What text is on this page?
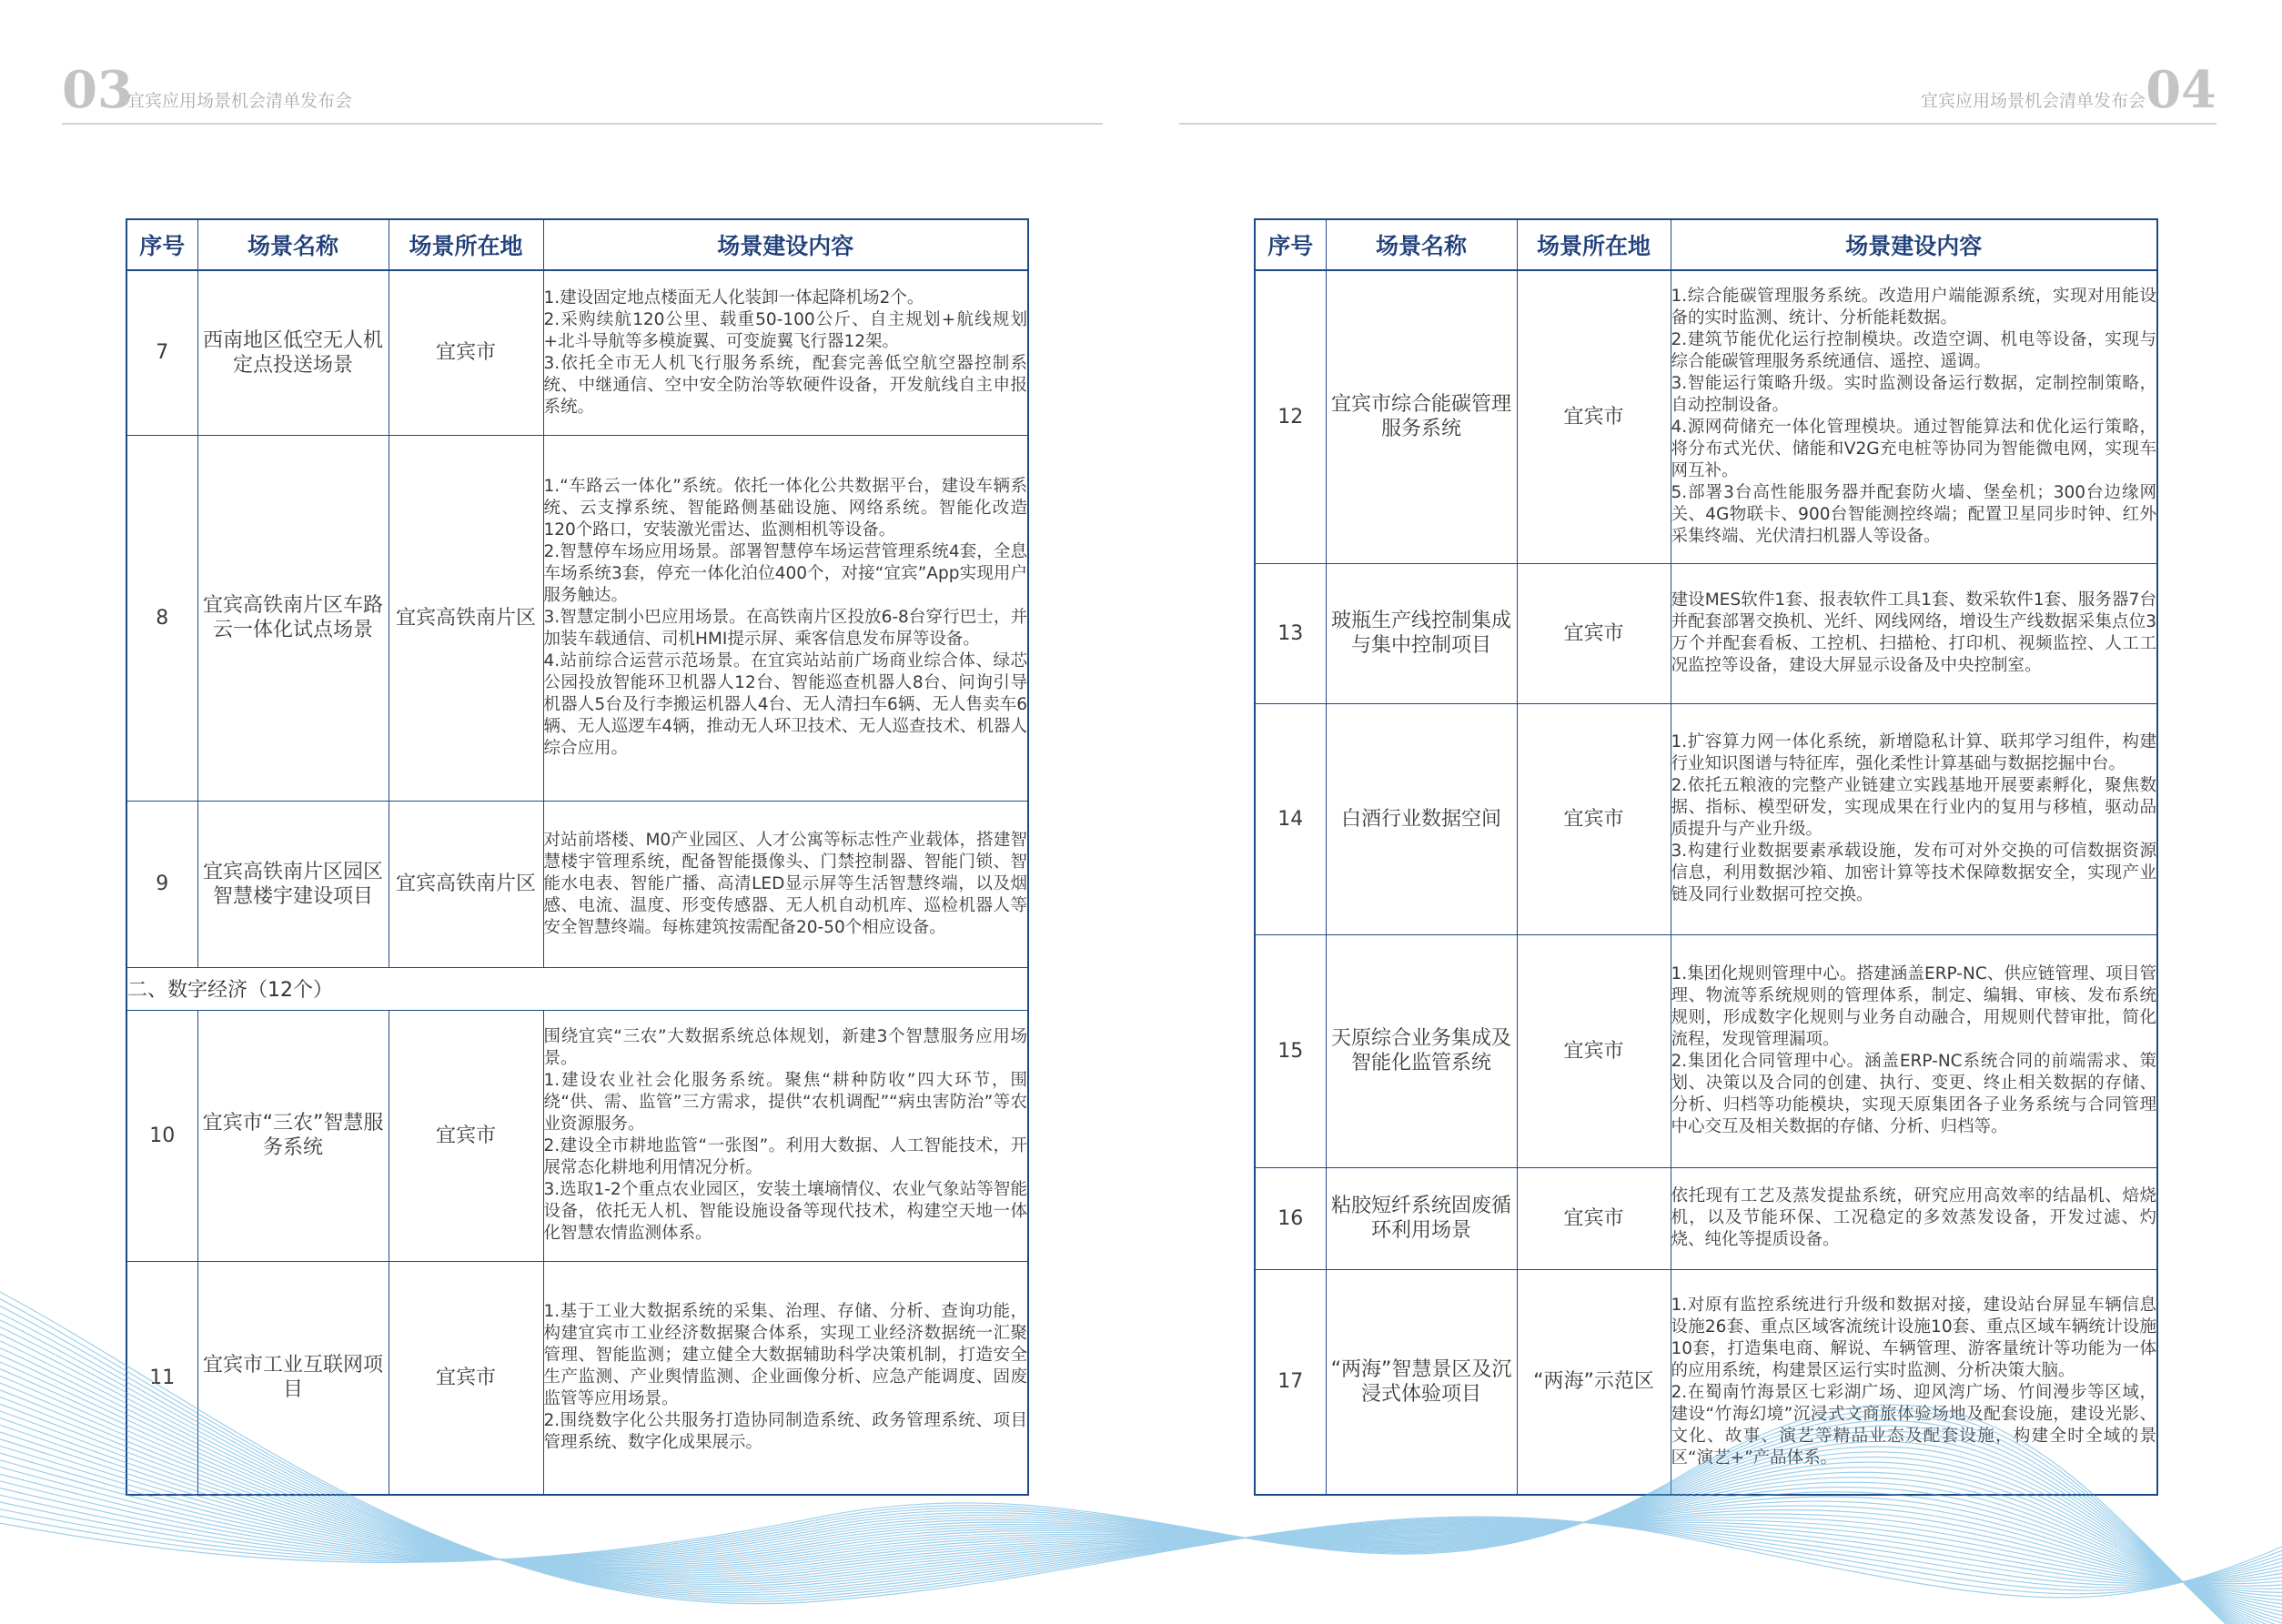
03
宜宾应用场景机会清单发布会
序号	场景名称	场景所在地	场景建设内容
7	西南地区低空无人机定点投送场景	宜宾市	1.建设固定地点楼面无人化装卸一体起降机场2个。
2.采购续航120公里、载重50-100公斤、自主规划+航线规划+北斗导航等多模旋翼、可变旋翼飞行器12架。
3.依托全市无人机飞行服务系统，配套完善低空航空器控制系统、中继通信、空中安全防治等软硬件设备，开发航线自主申报系统。

8	宜宾高铁南片区车路云一体化试点场景	宜宾高铁南片区	1.“车路云一体化”系统。依托一体化公共数据平台，建设车辆系统、云支撑系统、智能路侧基础设施、网络系统。智能化改造120个路口，安装激光雷达、监测相机等设备。
2.智慧停车场应用场景。部署智慧停车场运营管理系统4套，全息车场系统3套，停充一体化泊位400个，对接“宜宾”App实现用户服务触达。
3.智慧定制小巴应用场景。在高铁南片区投放6-8台穿行巴士，并加装车载通信、司机HMI提示屏、乘客信息发布屏等设备。
4.站前综合运营示范场景。在宜宾站站前广场商业综合体、绿芯公园投放智能环卫机器人12台、智能巡查机器人8台、问询引导机器人5台及行李搬运机器人4台、无人清扫车6辆、无人售卖车6辆、无人巡逻车4辆，推动无人环卫技术、无人巡查技术、机器人综合应用。

9	宜宾高铁南片区园区智慧楼宇建设项目	宜宾高铁南片区	对站前塔楼、M0产业园区、人才公寓等标志性产业载体，搭建智慧楼宇管理系统，配备智能摄像头、门禁控制器、智能门锁、智能水电表、智能广播、高清LED显示屏等生活智慧终端，以及烟感、电流、温度、形变传感器、无人机自动机库、巡检机器人等安全智慧终端。每栋建筑按需配备20-50个相应设备。

二、数字经济（12个）			
10	宜宾市“三农”智慧服务系统	宜宾市	围绕宜宾“三农”大数据系统总体规划，新建3个智慧服务应用场景。
1.建设农业社会化服务系统。聚焦“耕种防收”四大环节，围绕“供、需、监管”三方需求，提供“农机调配”“病虫害防治”等农业资源服务。
2.建设全市耕地监管“一张图”。利用大数据、人工智能技术，开展常态化耕地利用情况分析。
3.选取1-2个重点农业园区，安装土壤墒情仪、农业气象站等智能设备，依托无人机、智能设施设备等现代技术，构建空天地一体化智慧农情监测体系。

11	宜宾市工业互联网项目	宜宾市	1.基于工业大数据系统的采集、治理、存储、分析、查询功能，构建宜宾市工业经济数据聚合体系，实现工业经济数据统一汇聚管理、智能监测；建立健全大数据辅助科学决策机制，打造安全生产监测、产业舆情监测、企业画像分析、应急产能调度、固废监管等应用场景。
2.围绕数字化公共服务打造协同制造系统、政务管理系统、项目管理系统、数字化成果展示。
04
宜宾应用场景机会清单发布会
序号	场景名称	场景所在地	场景建设内容
12	宜宾市综合能碳管理服务系统	宜宾市	1.综合能碳管理服务系统。改造用户端能源系统，实现对用能设备的实时监测、统计、分析能耗数据。
2.建筑节能优化运行控制模块。改造空调、机电等设备，实现与综合能碳管理服务系统通信、遥控、遥调。
3.智能运行策略升级。实时监测设备运行数据，定制控制策略，自动控制设备。
4.源网荷储充一体化管理模块。通过智能算法和优化运行策略，将分布式光伏、储能和V2G充电桩等协同为智能微电网，实现车网互补。
5.部署3台高性能服务器并配套防火墙、堡垒机；300台边缘网关、4G物联卡、900台智能测控终端；配置卫星同步时钟、红外采集终端、光伏清扫机器人等设备。

13	玻瓶生产线控制集成与集中控制项目	宜宾市	建设MES软件1套、报表软件工具1套、数采软件1套、服务器7台并配套部署交换机、光纤、网线网络，增设生产线数据采集点位3万个并配套看板、工控机、扫描枪、打印机、视频监控、人工工况监控等设备，建设大屏显示设备及中央控制室。

14	白酒行业数据空间	宜宾市	1.扩容算力网一体化系统，新增隐私计算、联邦学习组件，构建行业知识图谱与特征库，强化柔性计算基础与数据挖掘中台。
2.依托五粮液的完整产业链建立实践基地开展要素孵化，聚焦数据、指标、模型研发，实现成果在行业内的复用与移植，驱动品质提升与产业升级。
3.构建行业数据要素承载设施，发布可对外交换的可信数据资源信息，利用数据沙箱、加密计算等技术保障数据安全，实现产业链及同行业数据可控交换。

15	天原综合业务集成及智能化监管系统	宜宾市	1.集团化规则管理中心。搭建涵盖ERP-NC、供应链管理、项目管理、物流等系统规则的管理体系，制定、编辑、审核、发布系统规则，形成数字化规则与业务自动融合，用规则代替审批，简化流程，发现管理漏项。
2.集团化合同管理中心。涵盖ERP-NC系统合同的前端需求、策划、决策以及合同的创建、执行、变更、终止相关数据的存储、分析、归档等功能模块，实现天原集团各子业务系统与合同管理中心交互及相关数据的存储、分析、归档等。

16	粘胶短纤系统固废循环利用场景	宜宾市	依托现有工艺及蒸发提盐系统，研究应用高效率的结晶机、焙烧机，以及节能环保、工况稳定的多效蒸发设备，开发过滤、灼烧、纯化等提质设备。

17	“两海”智慧景区及沉浸式体验项目	“两海”示范区	1.对原有监控系统进行升级和数据对接，建设站台屏显车辆信息设施26套、重点区域客流统计设施10套、重点区域车辆统计设施10套，打造集电商、解说、车辆管理、游客量统计等功能为一体的应用系统，构建景区运行实时监测、分析决策大脑。
2.在蜀南竹海景区七彩湖广场、迎风湾广场、竹间漫步等区域，建设“竹海幻境”沉浸式文商旅体验场地及配套设施，建设光影、文化、故事、演艺等精品业态及配套设施，构建全时全域的景区“演艺+”产品体系。
